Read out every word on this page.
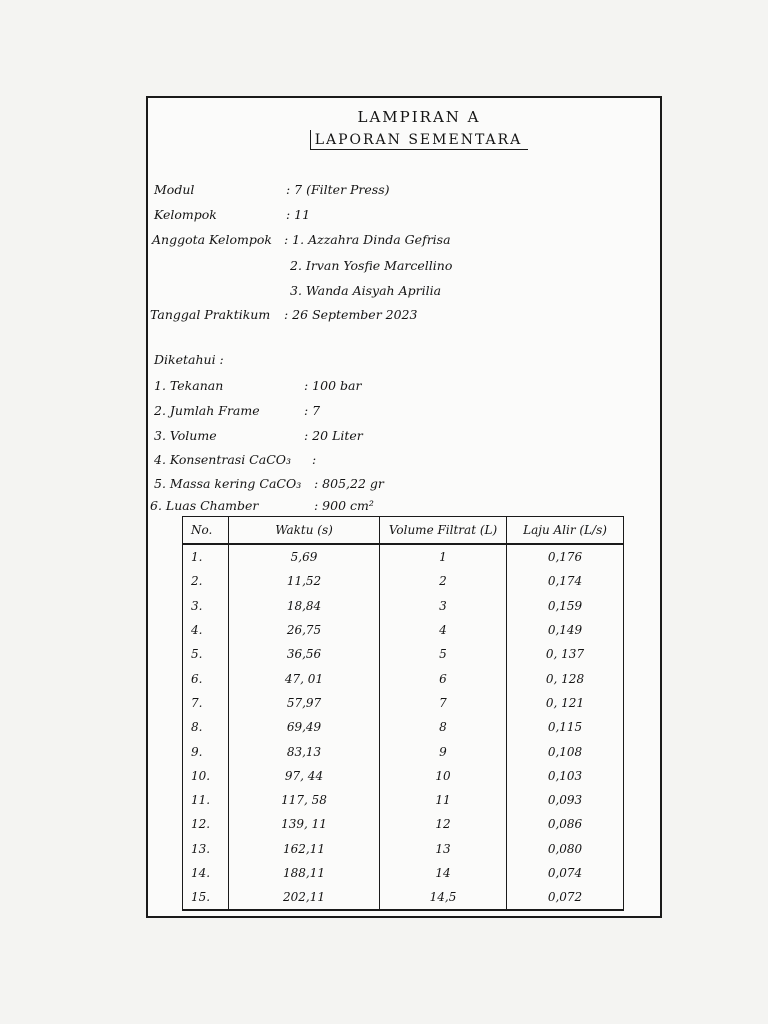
LAMPIRAN A
LAPORAN SEMENTARA
Modul	: 7 (Filter Press)
Kelompok	: 11
Anggota Kelompok : 1. Azzahra Dinda Gefrisa
2. Irvan Yosfie Marcellino
3. Wanda Aisyah Aprilia
Tanggal Praktikum : 26 September 2023
Diketahui :
1. Tekanan	: 100 bar
2. Jumlah Frame	: 7
3. Volume	: 20 Liter
4. Konsentrasi CaCO₃ :
5. Massa kering CaCO₃ : 805,22 gr
6. Luas Chamber	: 900 cm²
No.	Waktu (s)	Volume Filtrat (L)	Laju Alir (L/s)
1.	5,69	1	0,176
2.	11,52	2	0,174
3.	18,84	3	0,159
4.	26,75	4	0,149
5.	36,56	5	0, 137
6.	47, 01	6	0, 128
7.	57,97	7	0, 121
8.	69,49	8	0,115
9.	83,13	9	0,108
10.	97, 44	10	0,103
11.	117, 58	11	0,093
12.	139, 11	12	0,086
13.	162,11	13	0,080
14.	188,11	14	0,074
15.	202,11	14,5	0,072
